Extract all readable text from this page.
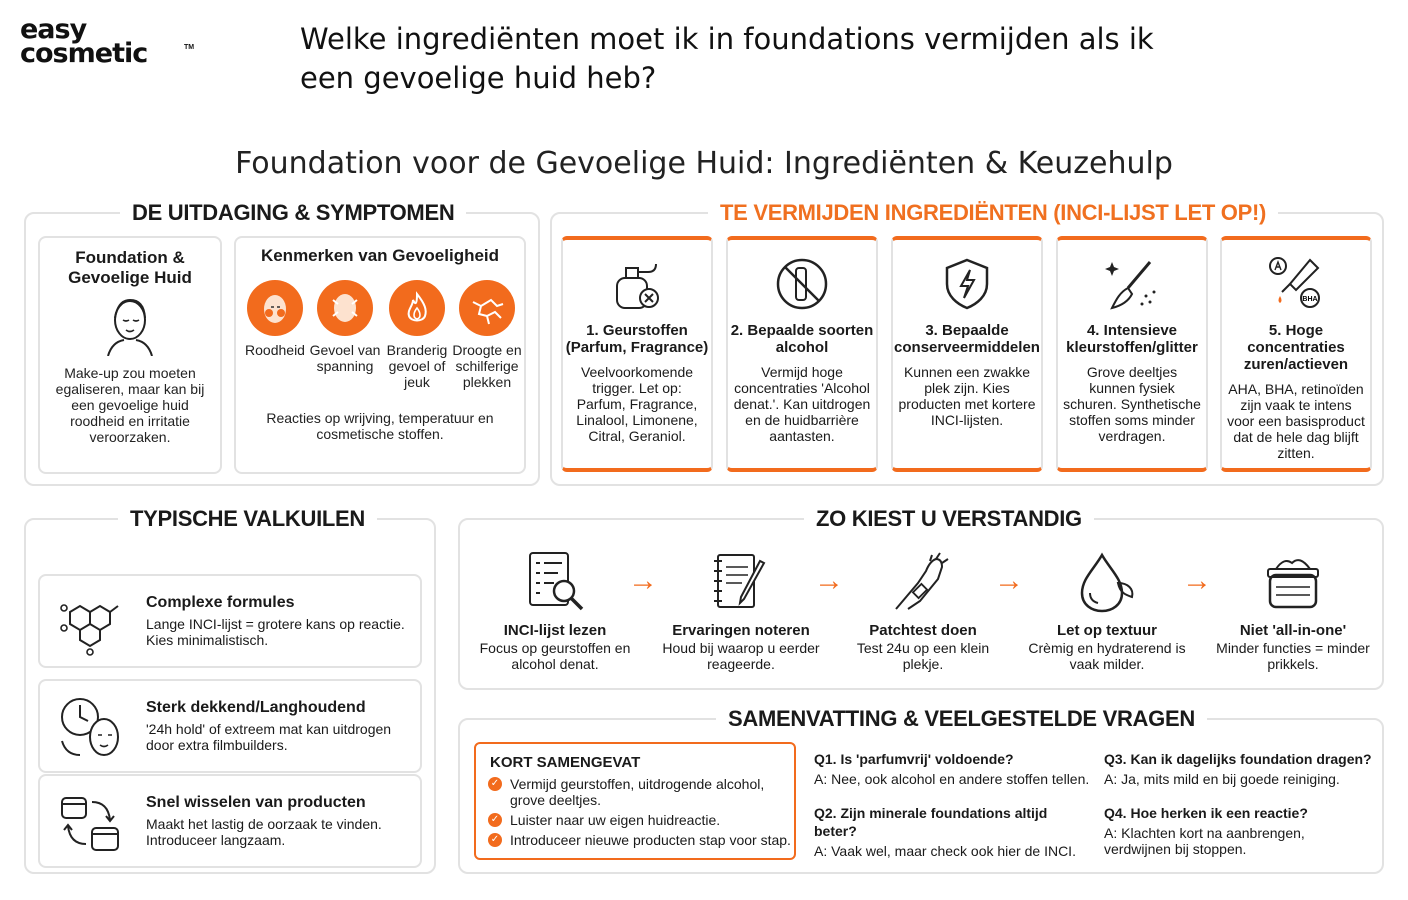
easy
cosmetic	TM	Welke ingrediënten moet ik in foundations vermijden als ik
een gevoelige huid heb?
Foundation voor de Gevoelige Huid: Ingrediënten & Keuzehulp
DE UITDAGING & SYMPTOMEN
Foundation &
Gevoelige Huid
Make-up zou moeten egaliseren, maar kan bij een gevoelige huid roodheid en irritatie veroorzaken.
Kenmerken van Gevoeligheid
Roodheid Gevoel van spanning
Branderig gevoel of jeuk
Droogte en schilferige plekken
Reacties op wrijving, temperatuur en cosmetische stoffen.
TE VERMIJDEN INGREDIËNTEN (INCI-LIJST LET OP!)
1. Geurstoffen (Parfum, Fragrance)
Veelvoorkomende trigger. Let op: Parfum, Fragrance, Linalool, Limonene, Citral, Geraniol.
2. Bepaalde soorten alcohol
Vermijd hoge concentraties 'Alcohol denat.'. Kan uitdrogen en de huidbarrière aantasten.
3. Bepaalde conserveermiddelen
Kunnen een zwakke plek zijn. Kies producten met kortere INCI-lijsten.
4. Intensieve kleurstoffen/glitter
Grove deeltjes kunnen fysiek schuren. Synthetische stoffen soms minder verdragen.
BHA
5. Hoge concentraties zuren/actieven
AHA, BHA, retinoïden zijn vaak te intens voor een basisproduct dat de hele dag blijft zitten.
TYPISCHE VALKUILEN
Complexe formules
Lange INCI-lijst = grotere kans op reactie. Kies minimalistisch.
Sterk dekkend/Langhoudend
'24h hold' of extreem mat kan uitdrogen door extra filmbuilders.
Snel wisselen van producten
Maakt het lastig de oorzaak te vinden. Introduceer langzaam.
ZO KIEST U VERSTANDIG
INCI-lijst lezen
Focus op geurstoffen en alcohol denat.
→
Ervaringen noteren
Houd bij waarop u eerder reageerde.
→
Patchtest doen
Test 24u op een klein plekje.
→
Let op textuur
Crèmig en hydraterend is vaak milder.
→
Niet 'all-in-one'
Minder functies = minder prikkels.
SAMENVATTING & VEELGESTELDE VRAGEN
KORT SAMENGEVAT
✓ Vermijd geurstoffen, uitdrogende alcohol, grove deeltjes.
✓ Luister naar uw eigen huidreactie.
✓ Introduceer nieuwe producten stap voor stap.
Q1. Is 'parfumvrij' voldoende?
A: Nee, ook alcohol en andere stoffen tellen.
Q2. Zijn minerale foundations altijd beter?
A: Vaak wel, maar check ook hier de INCI.
Q3. Kan ik dagelijks foundation dragen?
A: Ja, mits mild en bij goede reiniging.
Q4. Hoe herken ik een reactie?
A: Klachten kort na aanbrengen, verdwijnen bij stoppen.
